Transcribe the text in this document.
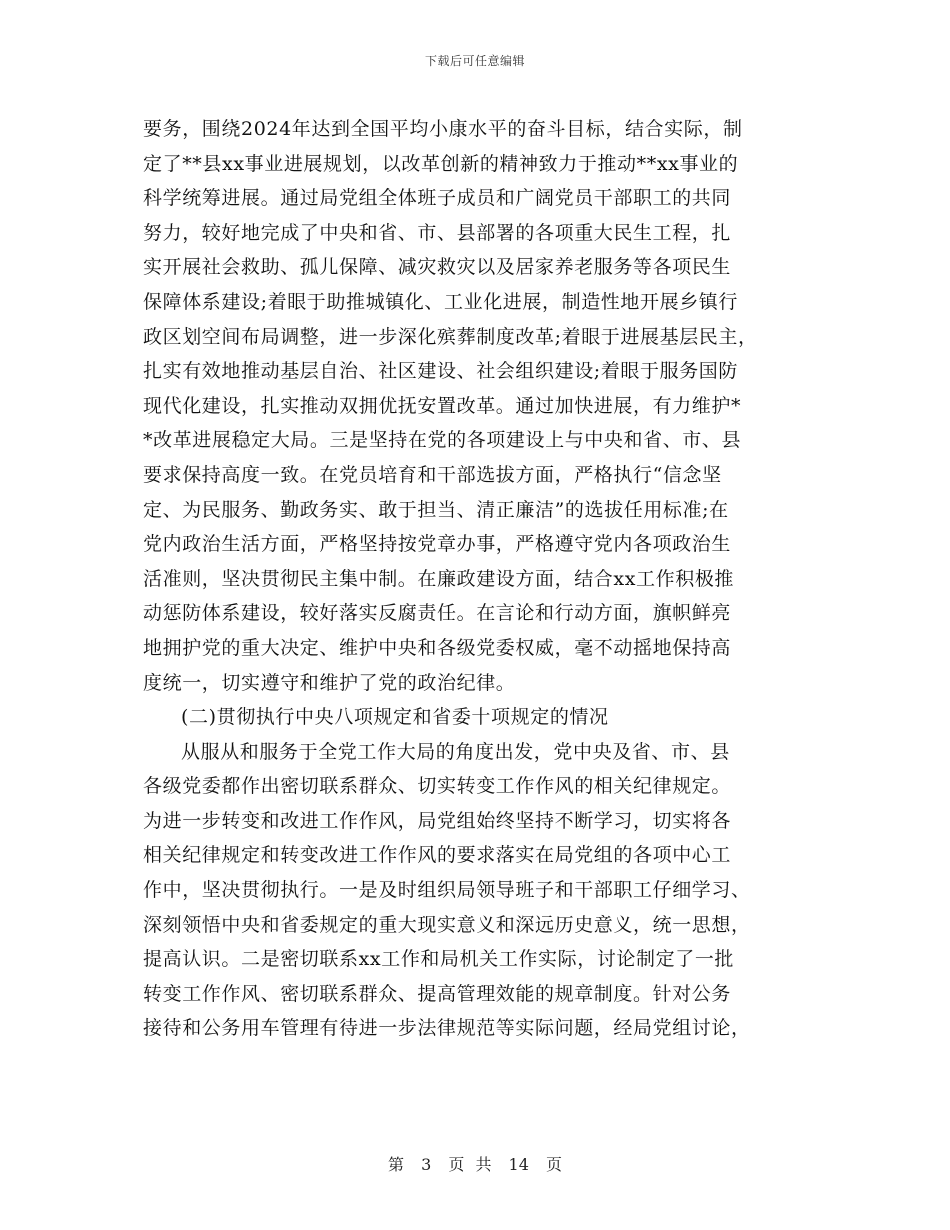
下载后可任意编辑
要务，围绕2024年达到全国平均小康水平的奋斗目标，结合实际，制
定了**县xx事业进展规划，以改革创新的精神致力于推动**xx事业的
科学统筹进展。通过局党组全体班子成员和广阔党员干部职工的共同
努力，较好地完成了中央和省、市、县部署的各项重大民生工程，扎
实开展社会救助、孤儿保障、减灾救灾以及居家养老服务等各项民生
保障体系建设;着眼于助推城镇化、工业化进展，制造性地开展乡镇行
政区划空间布局调整，进一步深化殡葬制度改革;着眼于进展基层民主，
扎实有效地推动基层自治、社区建设、社会组织建设;着眼于服务国防
现代化建设，扎实推动双拥优抚安置改革。通过加快进展，有力维护*
*改革进展稳定大局。三是坚持在党的各项建设上与中央和省、市、县
要求保持高度一致。在党员培育和干部选拔方面，严格执行“信念坚
定、为民服务、勤政务实、敢于担当、清正廉洁”的选拔任用标准;在
党内政治生活方面，严格坚持按党章办事，严格遵守党内各项政治生
活准则，坚决贯彻民主集中制。在廉政建设方面，结合xx工作积极推
动惩防体系建设，较好落实反腐责任。在言论和行动方面，旗帜鲜亮
地拥护党的重大决定、维护中央和各级党委权威，毫不动摇地保持高
度统一，切实遵守和维护了党的政治纪律。
(二)贯彻执行中央八项规定和省委十项规定的情况
从服从和服务于全党工作大局的角度出发，党中央及省、市、县
各级党委都作出密切联系群众、切实转变工作作风的相关纪律规定。
为进一步转变和改进工作作风，局党组始终坚持不断学习，切实将各
相关纪律规定和转变改进工作作风的要求落实在局党组的各项中心工
作中，坚决贯彻执行。一是及时组织局领导班子和干部职工仔细学习、
深刻领悟中央和省委规定的重大现实意义和深远历史意义，统一思想，
提高认识。二是密切联系xx工作和局机关工作实际，讨论制定了一批
转变工作作风、密切联系群众、提高管理效能的规章制度。针对公务
接待和公务用车管理有待进一步法律规范等实际问题，经局党组讨论，
第 3 页 共 14 页
